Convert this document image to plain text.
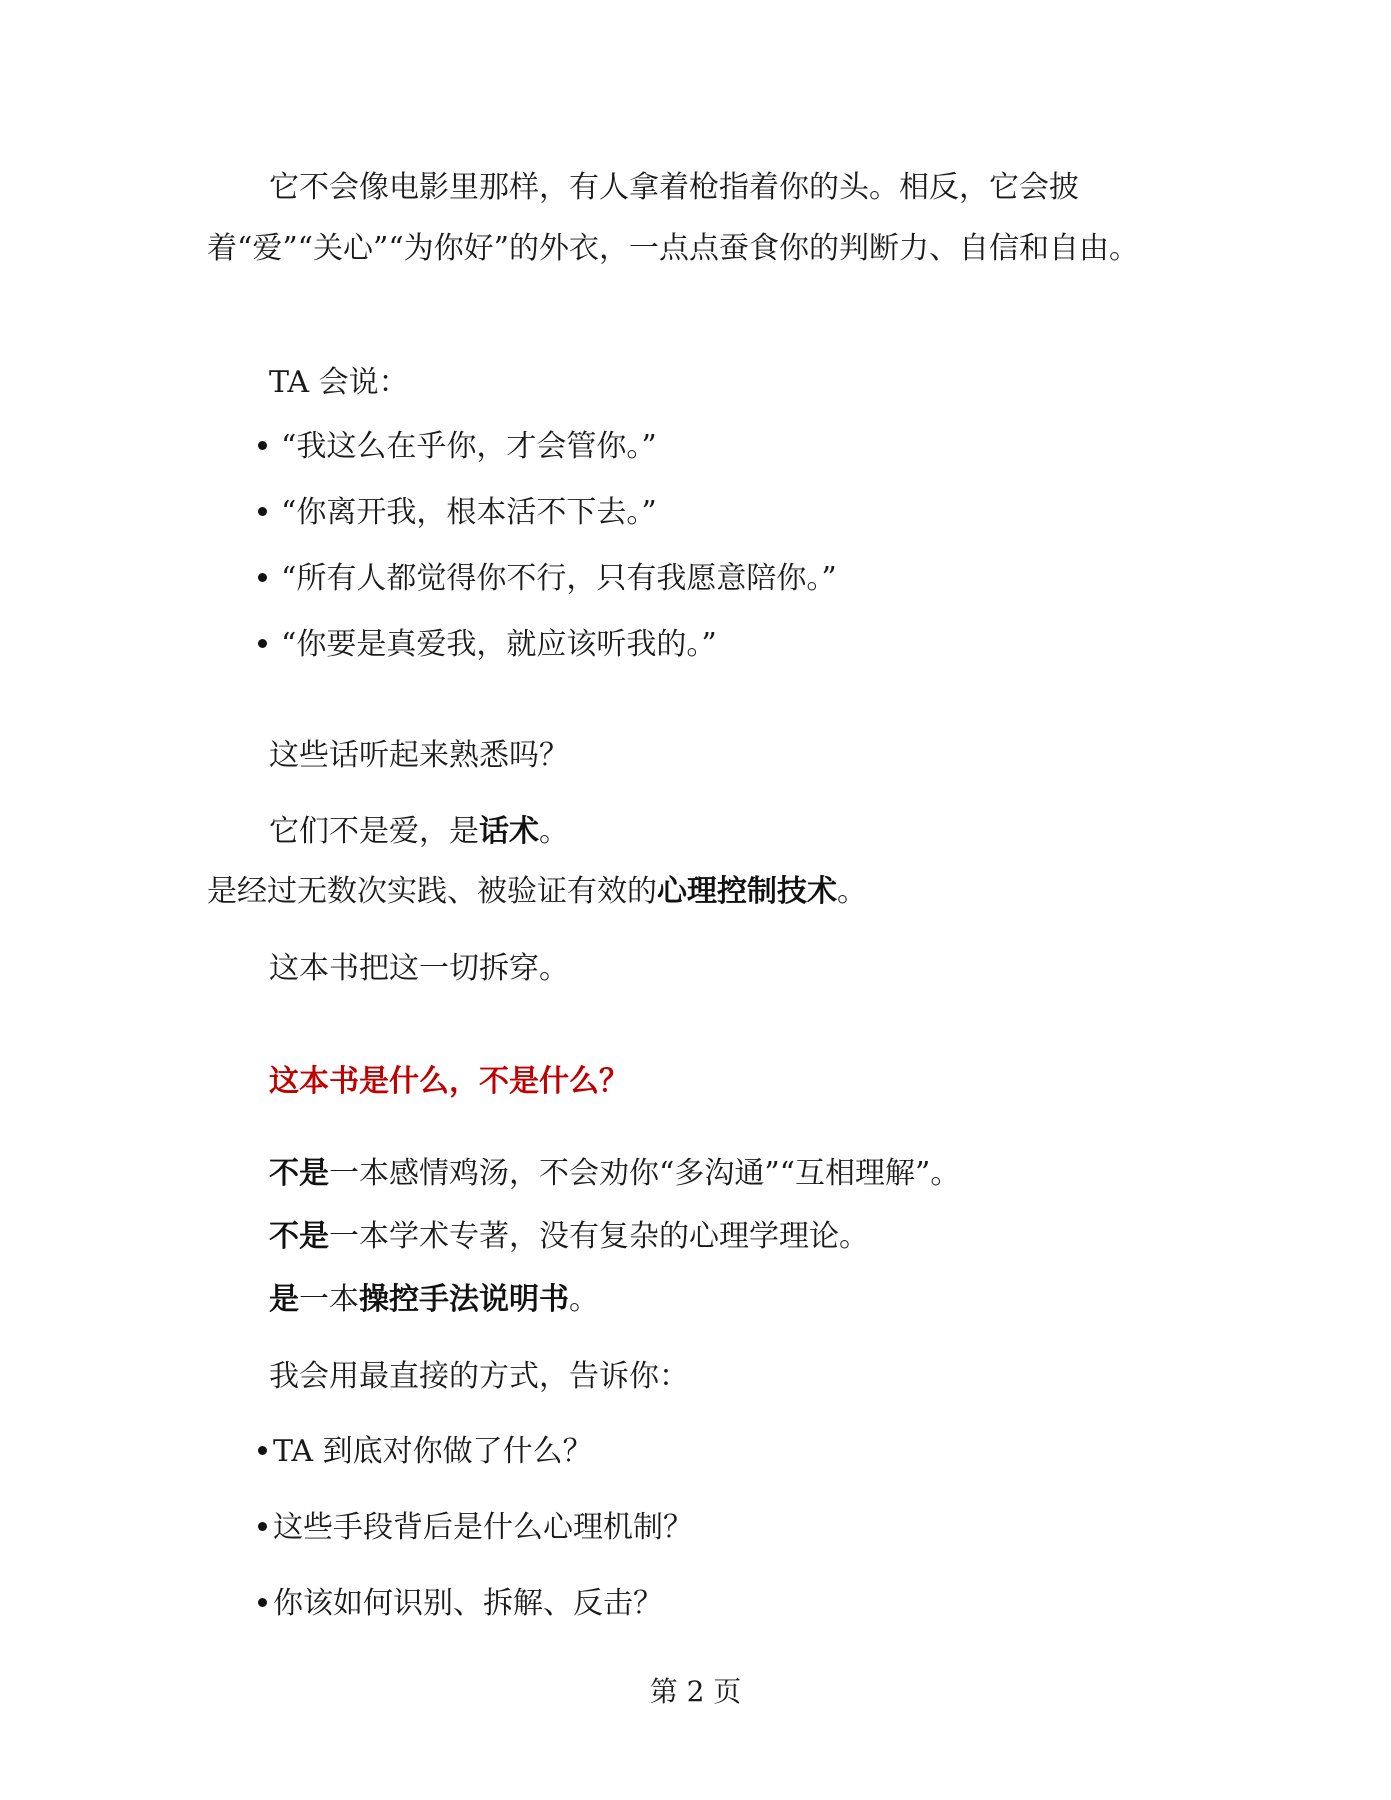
它不会像电影里那样，有人拿着枪指着你的头。相反，它会披着“爱”“关心”“为你好”的外衣，一点点蚕食你的判断力、自信和自由。

TA 会说：

“我这么在乎你，才会管你。”
“你离开我，根本活不下去。”
“所有人都觉得你不行，只有我愿意陪你。”
“你要是真爱我，就应该听我的。”

这些话听起来熟悉吗？

它们不是爱，是话术。

是经过无数次实践、被验证有效的心理控制技术。

这本书把这一切拆穿。

这本书是什么，不是什么？

不是一本感情鸡汤，不会劝你“多沟通”“互相理解”。

不是一本学术专著，没有复杂的心理学理论。

是一本操控手法说明书。

我会用最直接的方式，告诉你：

TA 到底对你做了什么？
这些手段背后是什么心理机制？
你该如何识别、拆解、反击？
第 2 页
